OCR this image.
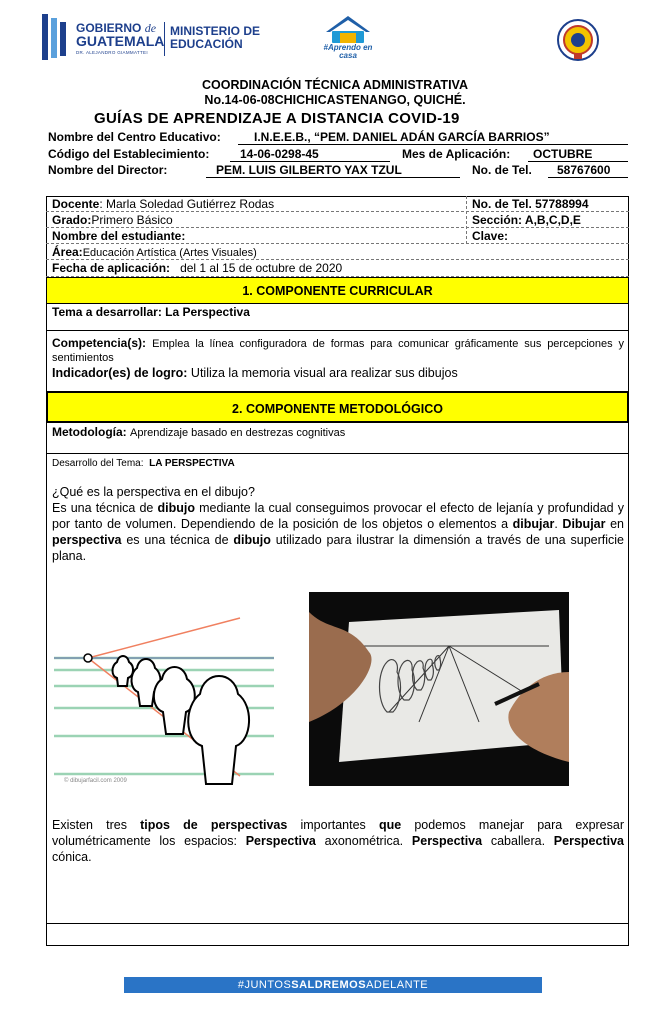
GOBIERNO de
GUATEMALA
DR. ALEJANDRO GIAMMATTEI
MINISTERIO DE EDUCACIÓN	#Aprendo en casa
COORDINACIÓN TÉCNICA ADMINISTRATIVA
No.14-06-08CHICHICASTENANGO, QUICHÉ.
GUÍAS DE APRENDIZAJE A DISTANCIA COVID-19
Nombre del Centro Educativo:	I.N.E.E.B., “PEM. DANIEL ADÁN GARCÍA BARRIOS”
Código del Establecimiento:	14-06-0298-45	Mes de Aplicación: OCTUBRE
Nombre del Director:	PEM. LUIS GILBERTO YAX TZUL	No. de Tel. 58767600
Docente: Marla Soledad Gutiérrez Rodas	No. de Tel. 57788994
Grado:Primero Básico	Sección: A,B,C,D,E
Nombre del estudiante:	Clave:
Área:Educación Artística (Artes Visuales)
Fecha de aplicación: del 1 al 15 de octubre de 2020
1. COMPONENTE CURRICULAR
Tema a desarrollar: La Perspectiva
Competencia(s): Emplea la línea configuradora de formas para comunicar gráficamente sus percepciones y sentimientos
Indicador(es) de logro: Utiliza la memoria visual ara realizar sus dibujos
2. COMPONENTE METODOLÓGICO
Metodología: Aprendizaje basado en destrezas cognitivas
Desarrollo del Tema: LA PERSPECTIVA
¿Qué es la perspectiva en el dibujo?
Es una técnica de dibujo mediante la cual conseguimos provocar el efecto de lejanía y profundidad y por tanto de volumen. Dependiendo de la posición de los objetos o elementos a dibujar. Dibujar en perspectiva es una técnica de dibujo utilizado para ilustrar la dimensión a través de una superficie plana.
© dibujarfacil.com 2009
Existen tres tipos de perspectivas importantes que podemos manejar para expresar volumétricamente los espacios: Perspectiva axonométrica. Perspectiva caballera. Perspectiva cónica.
#JUNTOSSALDREMOSADELANTE
